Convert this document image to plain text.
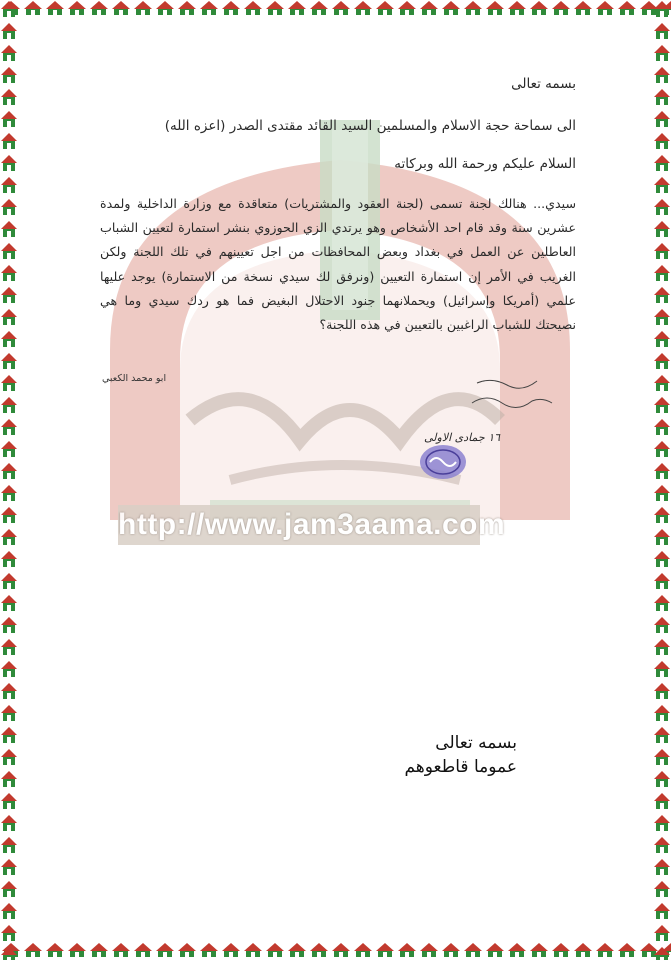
http://www.jam3aama.com
بسمه تعالى
الى سماحة حجة الاسلام والمسلمين السيد القائد مقتدى الصدر (اعزه الله)
السلام عليكم ورحمة الله وبركاته
سيدي... هنالك لجنة تسمى (لجنة العقود والمشتريات) متعاقدة مع وزارة الداخلية ولمدة عشرين سنة وقد قام احد الأشخاص وهو يرتدي الزي الحوزوي بنشر استمارة لتعيين الشباب العاطلين عن العمل في بغداد وبعض المحافظات من اجل تعيينهم في تلك اللجنة ولكن الغريب في الأمر إن استمارة التعيين (ونرفق لك سيدي نسخة من الاستمارة) يوجد عليها علمي (أمريكا وإسرائيل) ويحملانهما جنود الاحتلال البغيض فما هو ردك سيدي وما هي نصيحتك للشباب الراغبين بالتعيين في هذه اللجنة؟
ابو محمد الكعبي
١٦ جمادى الاولى
بسمه تعالى
عموما قاطعوهم
